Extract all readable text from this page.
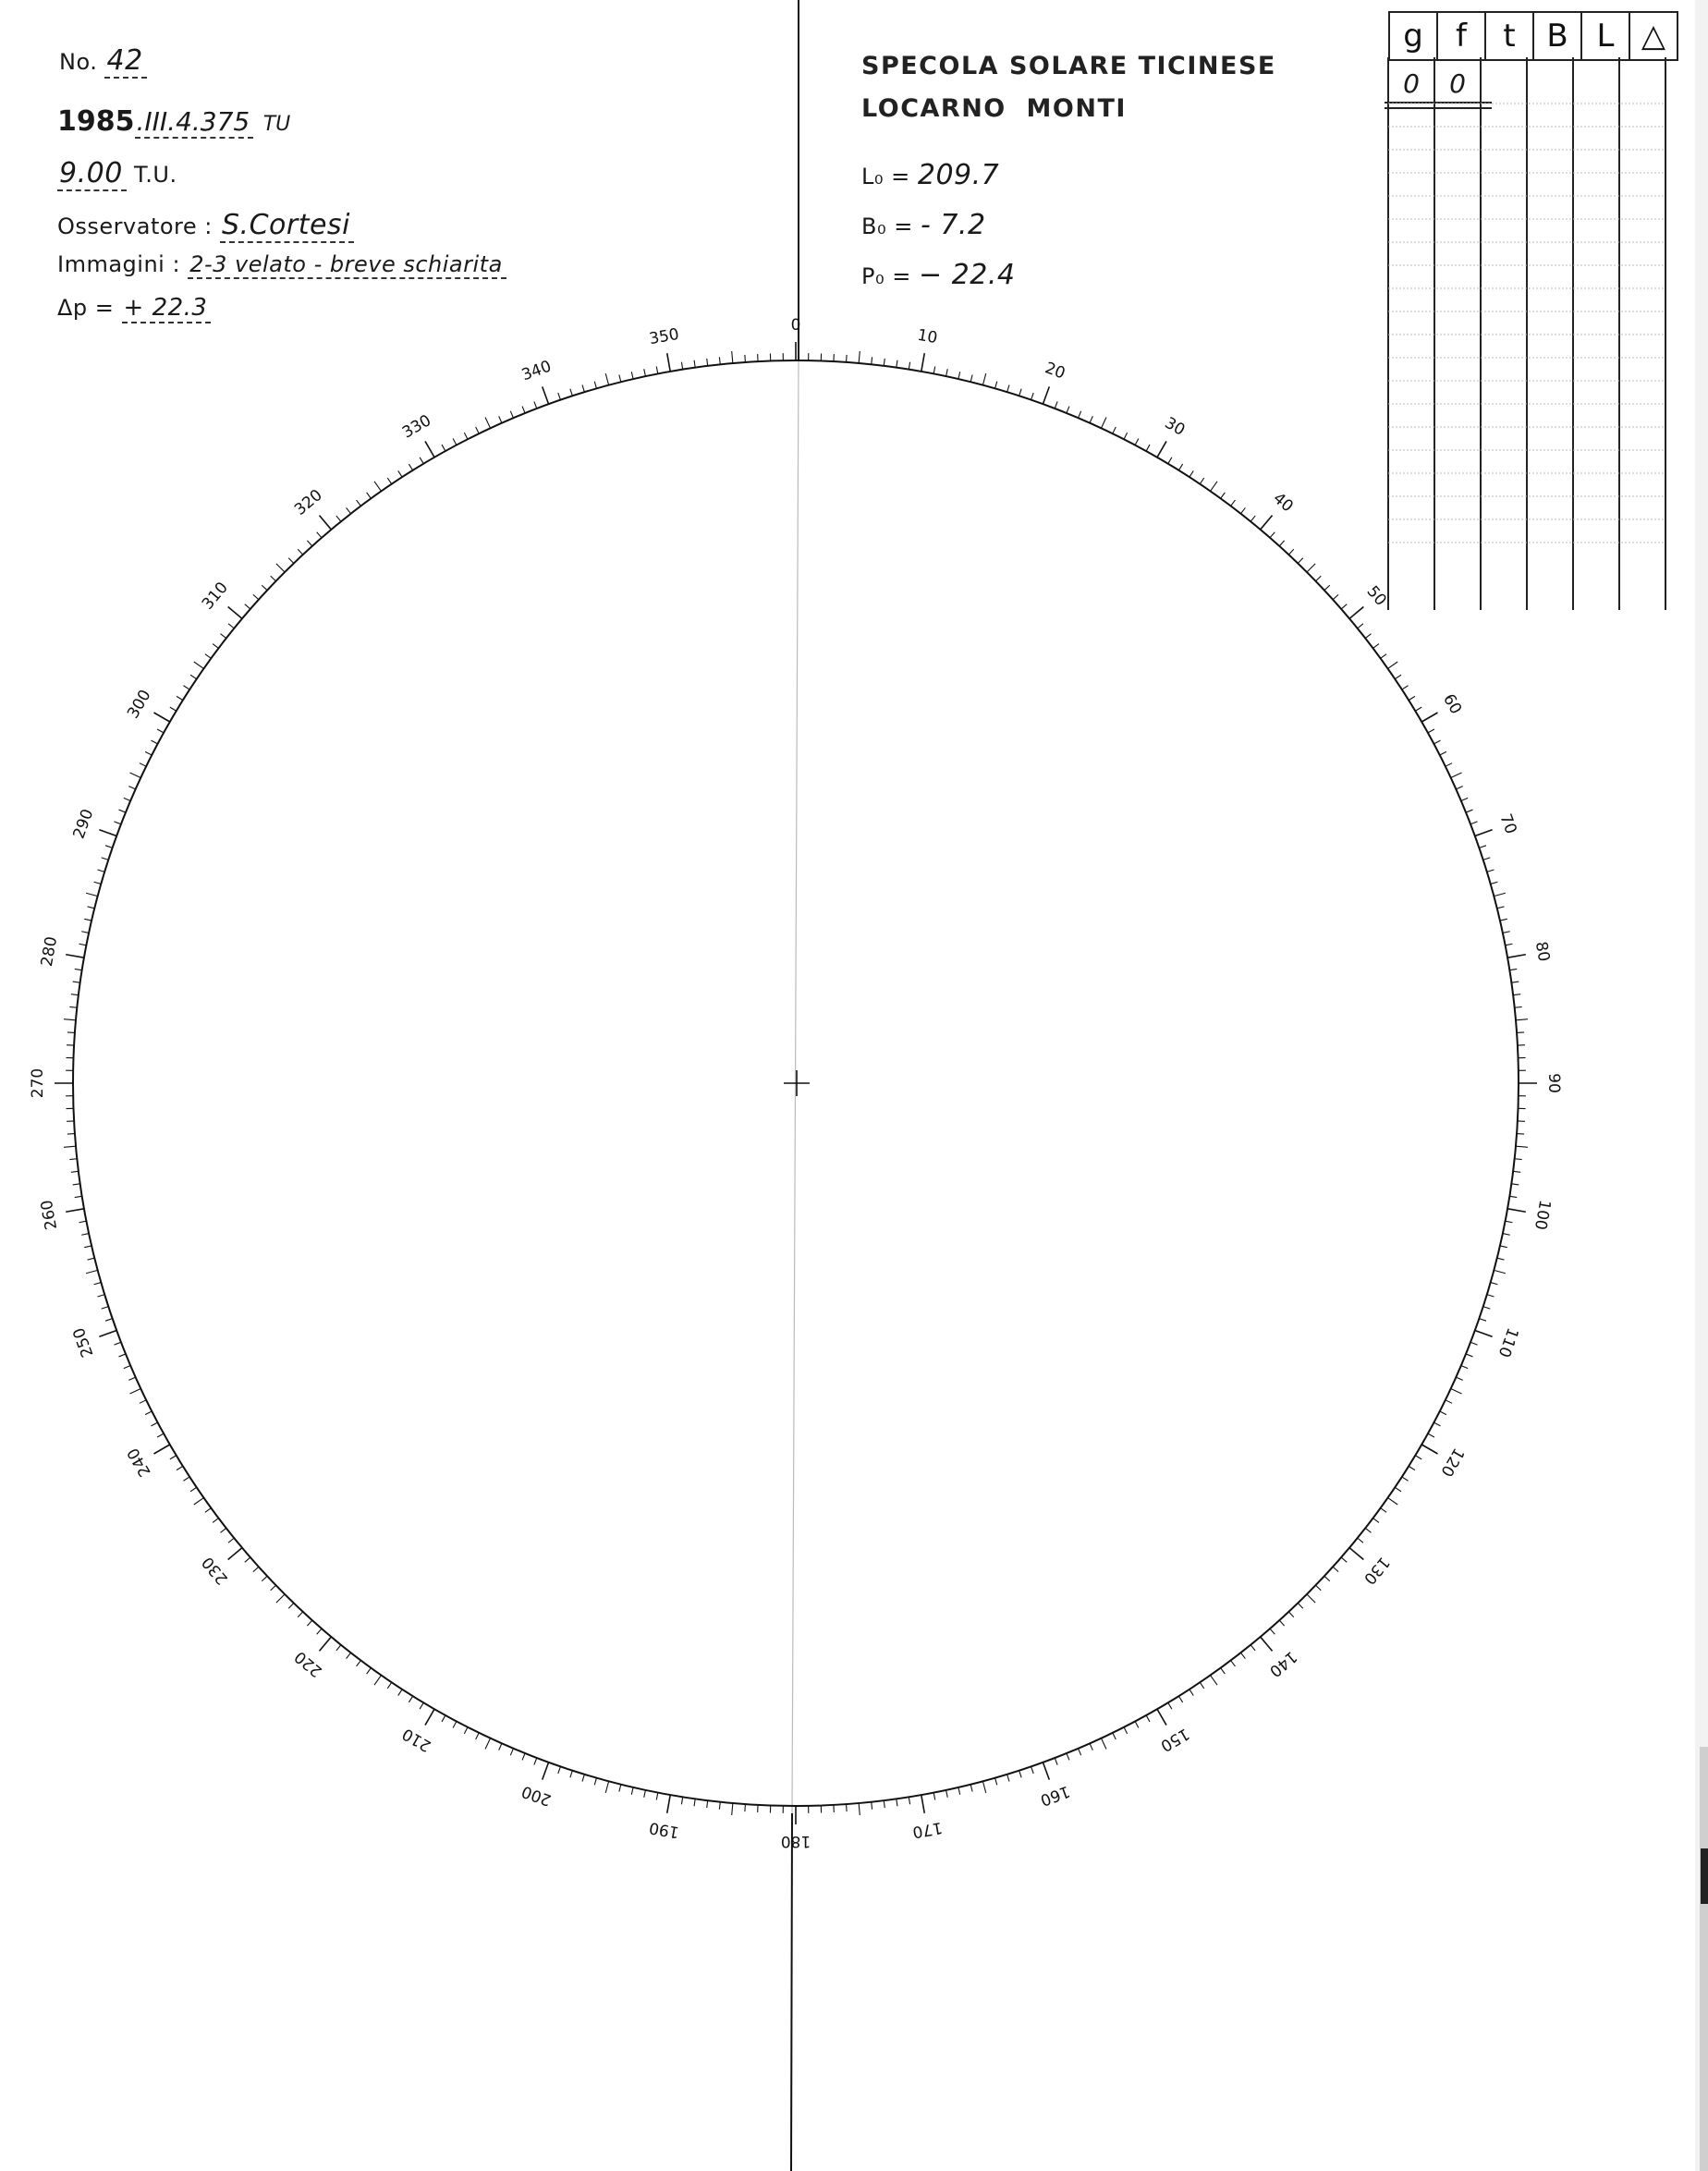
No. 42
1985.III.4.375 TU
9.00 T.U.
Osservatore : S.Cortesi
Immagini : 2-3 velato - breve schiarita
Δp = + 22.3
SPECOLA SOLARE TICINESE
LOCARNO  MONTI
L₀ = 209.7
B₀ = - 7.2
P₀ = − 22.4
g	f	t	B	L	△
0	0
0
10
20
30
40
50
60
70
80
90
100
110
120
130
140
150
160
170
180
190
200
210
220
230
240
250
260
270
280
290
300
310
320
330
340
350
